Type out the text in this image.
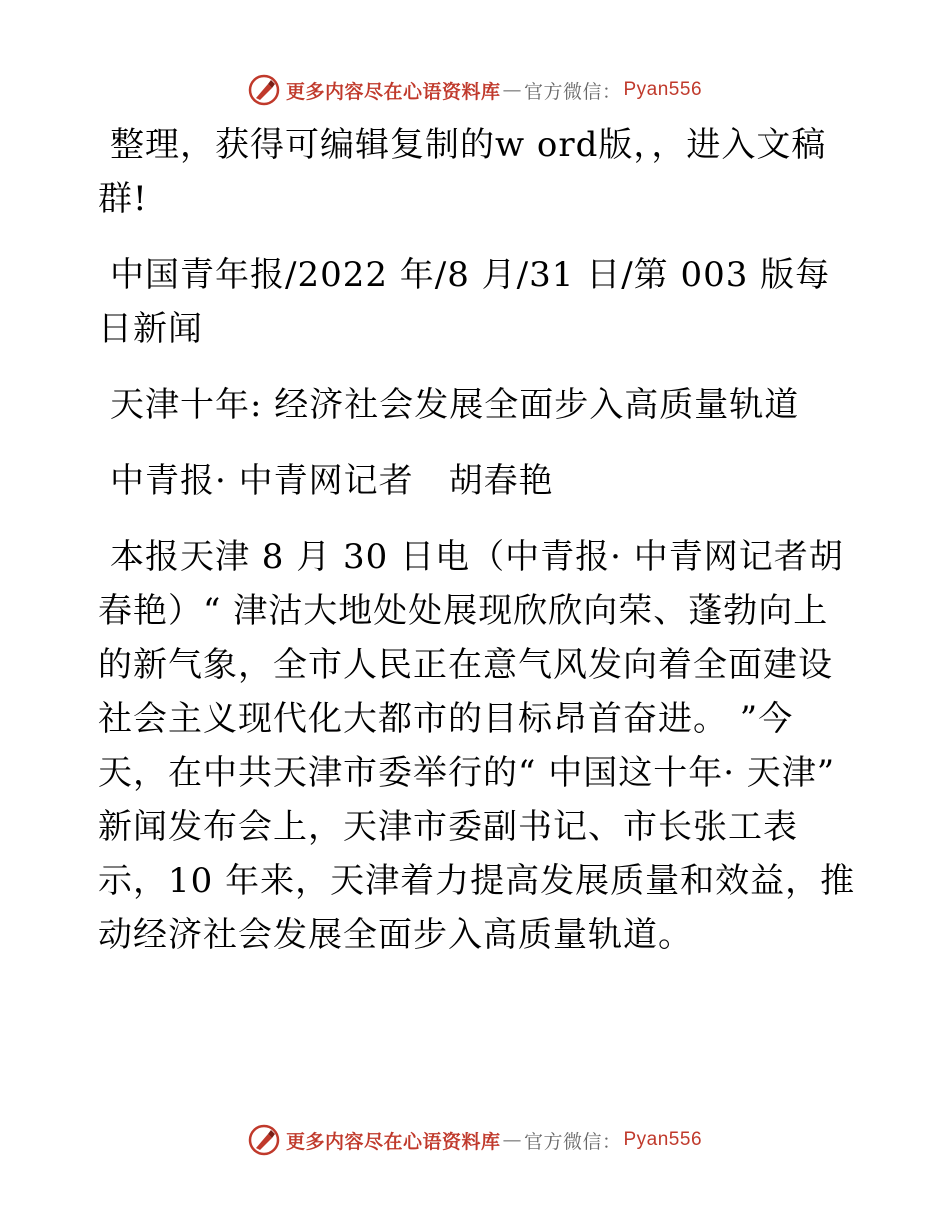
更多内容尽在心语资料库 — 官方微信： Pyan556

整理，获得可编辑复制的w ord版，，进入文稿群!

中国青年报/2022 年/8 月/31 日/第 003 版每日新闻

天津十年: 经济社会发展全面步入高质量轨道

中青报· 中青网记者　胡春艳

本报天津 8 月 30 日电（中青报· 中青网记者胡春艳）“ 津沽大地处处展现欣欣向荣、蓬勃向上的新气象，全市人民正在意气风发向着全面建设社会主义现代化大都市的目标昂首奋进。 ”今天，在中共天津市委举行的“ 中国这十年· 天津” 新闻发布会上，天津市委副书记、市长张工表示，10 年来，天津着力提高发展质量和效益，推动经济社会发展全面步入高质量轨道。

更多内容尽在心语资料库 — 官方微信： Pyan556
